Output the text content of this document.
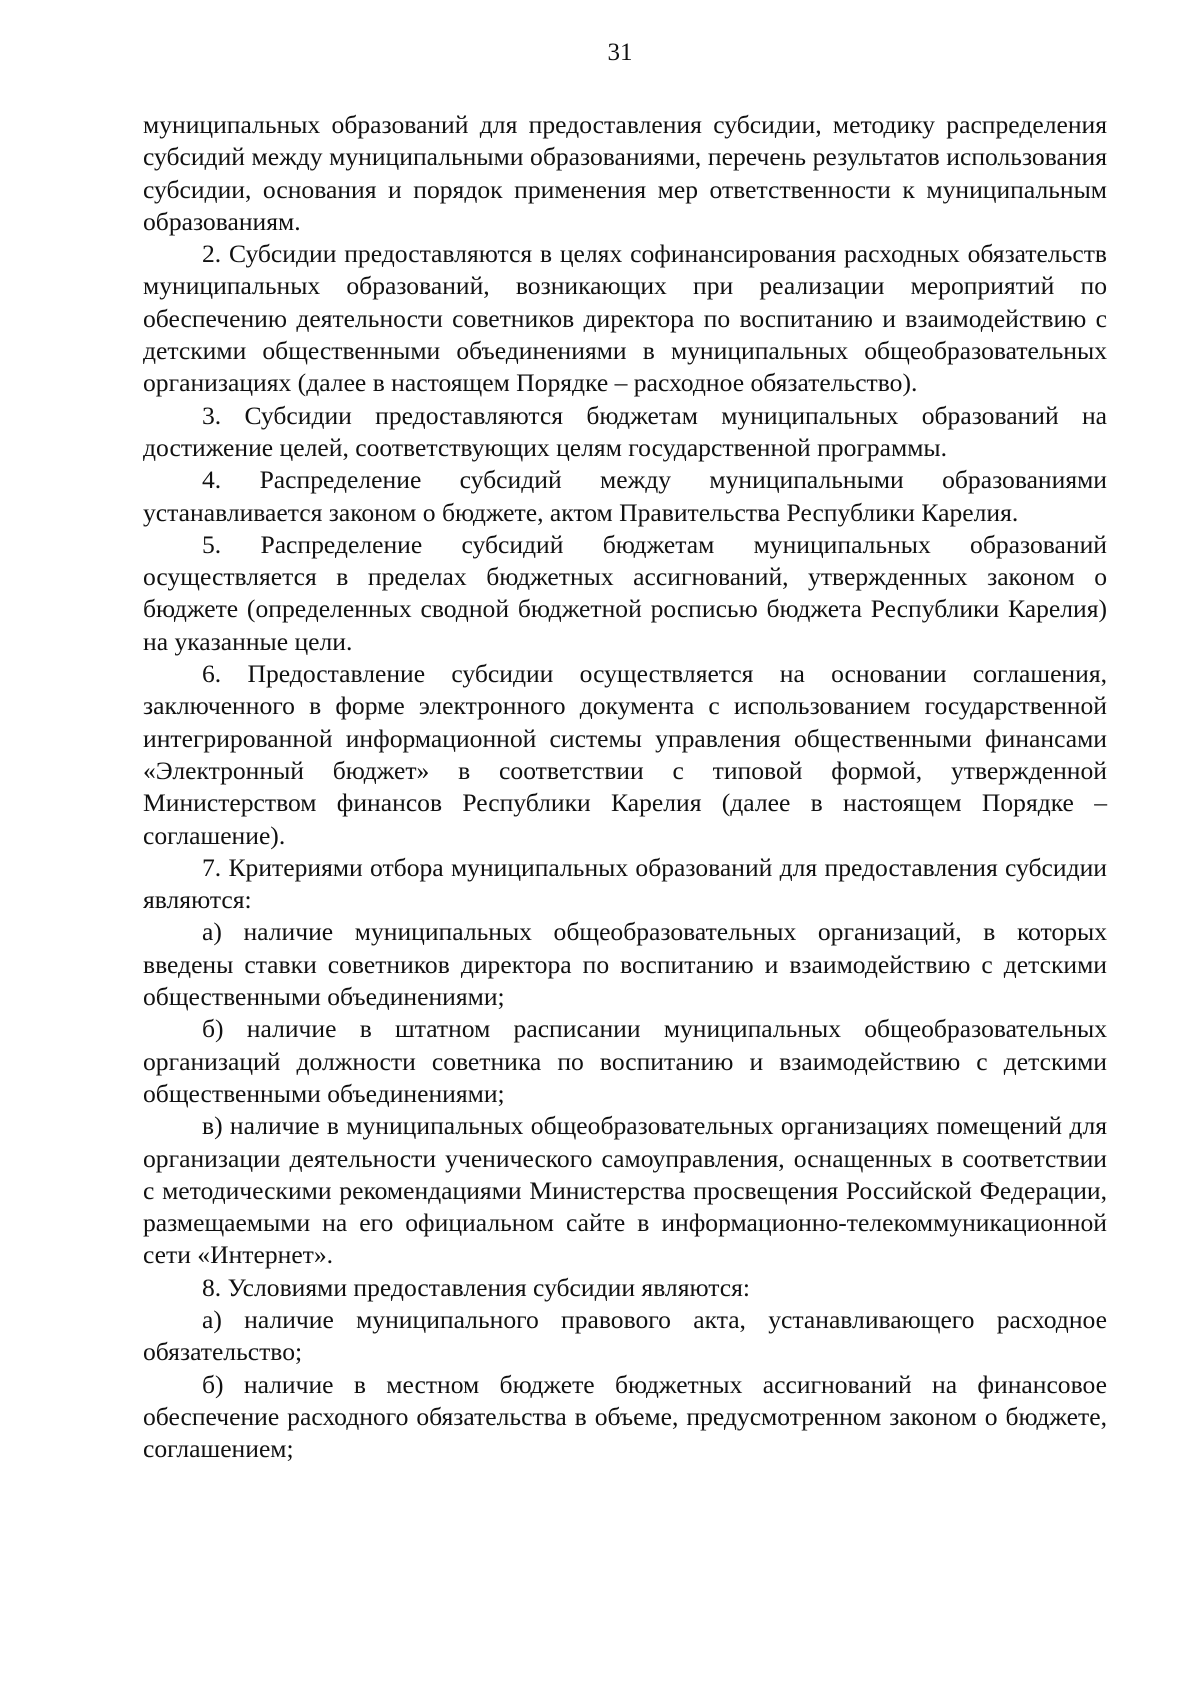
31

муниципальных образований для предоставления субсидии, методику распределения субсидий между муниципальными образованиями, перечень результатов использования субсидии, основания и порядок применения мер ответственности к муниципальным образованиям.

2. Субсидии предоставляются в целях софинансирования расходных обязательств муниципальных образований, возникающих при реализации мероприятий по обеспечению деятельности советников директора по воспитанию и взаимодействию с детскими общественными объединениями в муниципальных общеобразовательных организациях (далее в настоящем Порядке – расходное обязательство).

3. Субсидии предоставляются бюджетам муниципальных образований на достижение целей, соответствующих целям государственной программы.

4. Распределение субсидий между муниципальными образованиями устанавливается законом о бюджете, актом Правительства Республики Карелия.

5. Распределение субсидий бюджетам муниципальных образований осуществляется в пределах бюджетных ассигнований, утвержденных законом о бюджете (определенных сводной бюджетной росписью бюджета Республики Карелия) на указанные цели.

6. Предоставление субсидии осуществляется на основании соглашения, заключенного в форме электронного документа с использованием государственной интегрированной информационной системы управления общественными финансами «Электронный бюджет» в соответствии с типовой формой, утвержденной Министерством финансов Республики Карелия (далее в настоящем Порядке – соглашение).

7. Критериями отбора муниципальных образований для предоставления субсидии являются:

а) наличие муниципальных общеобразовательных организаций, в которых введены ставки советников директора по воспитанию и взаимодействию с детскими общественными объединениями;

б) наличие в штатном расписании муниципальных общеобразовательных организаций должности советника по воспитанию и взаимодействию с детскими общественными объединениями;

в) наличие в муниципальных общеобразовательных организациях помещений для организации деятельности ученического самоуправления, оснащенных в соответствии с методическими рекомендациями Министерства просвещения Российской Федерации, размещаемыми на его официальном сайте в информационно-телекоммуникационной сети «Интернет».

8. Условиями предоставления субсидии являются:

а) наличие муниципального правового акта, устанавливающего расходное обязательство;

б) наличие в местном бюджете бюджетных ассигнований на финансовое обеспечение расходного обязательства в объеме, предусмотренном законом о бюджете, соглашением;
